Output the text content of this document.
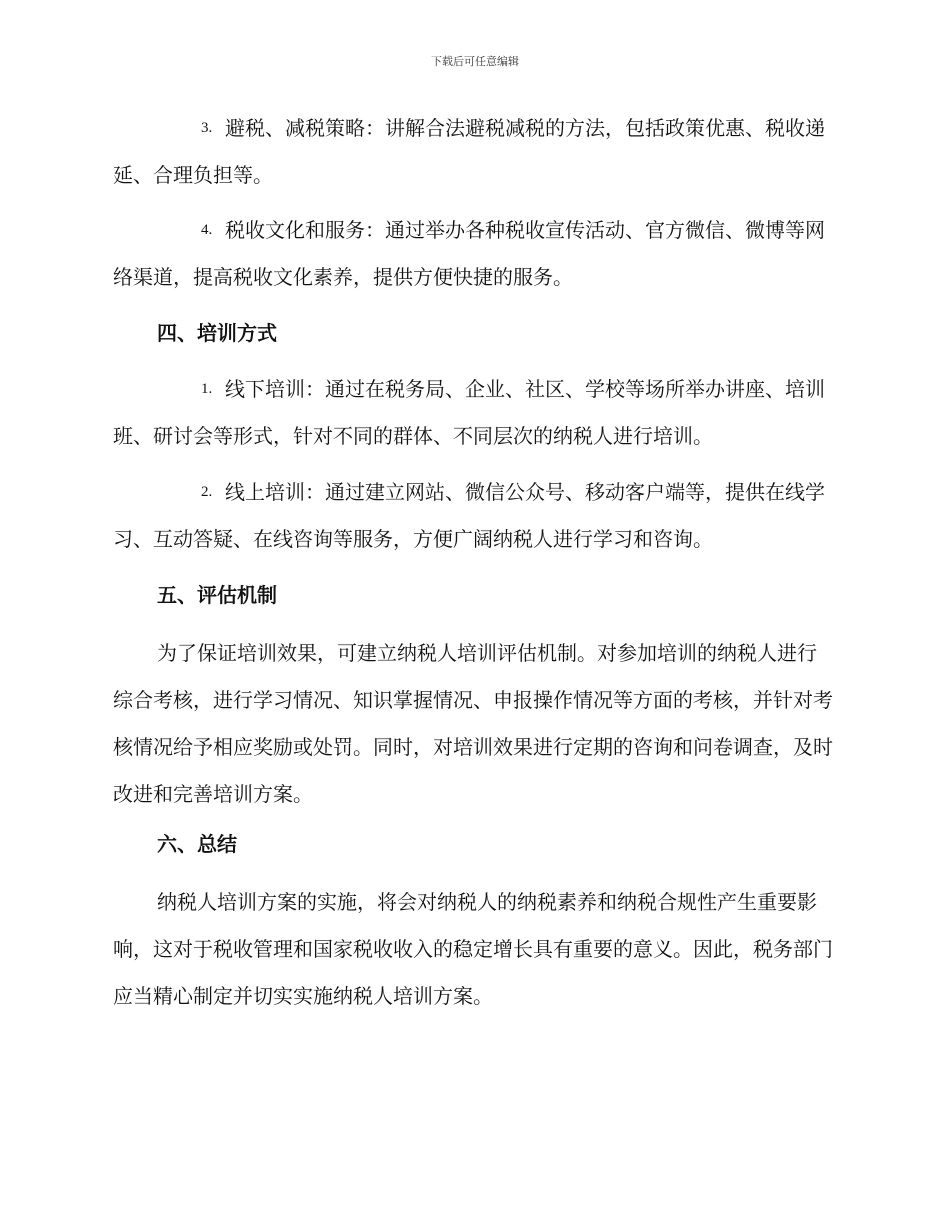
下载后可任意编辑

3. 避税、减税策略：讲解合法避税减税的方法，包括政策优惠、税收递延、合理负担等。

4. 税收文化和服务：通过举办各种税收宣传活动、官方微信、微博等网络渠道，提高税收文化素养，提供方便快捷的服务。

四、培训方式

1. 线下培训：通过在税务局、企业、社区、学校等场所举办讲座、培训班、研讨会等形式，针对不同的群体、不同层次的纳税人进行培训。

2. 线上培训：通过建立网站、微信公众号、移动客户端等，提供在线学习、互动答疑、在线咨询等服务，方便广阔纳税人进行学习和咨询。

五、评估机制

为了保证培训效果，可建立纳税人培训评估机制。对参加培训的纳税人进行综合考核，进行学习情况、知识掌握情况、申报操作情况等方面的考核，并针对考核情况给予相应奖励或处罚。同时，对培训效果进行定期的咨询和问卷调查，及时改进和完善培训方案。

六、总结

纳税人培训方案的实施，将会对纳税人的纳税素养和纳税合规性产生重要影响，这对于税收管理和国家税收收入的稳定增长具有重要的意义。因此，税务部门应当精心制定并切实实施纳税人培训方案。
